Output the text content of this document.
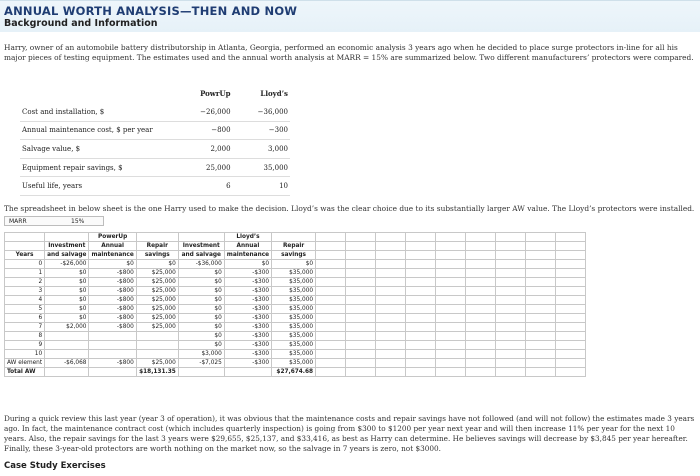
ANNUAL WORTH ANALYSIS—THEN AND NOW
Background and Information
Harry, owner of an automobile battery distributorship in Atlanta, Georgia, performed an economic analysis 3 years ago when he decided to place surge protectors in-line for all his major pieces of testing equipment. The estimates used and the annual worth analysis at MARR = 15% are summarized below. Two different manufacturers’ protectors were compared.
	PowrUp	Lloyd’s
Cost and installation, $	−26,000	−36,000
Annual maintenance cost, $ per year	−800	−300
Salvage value, $	2,000	3,000
Equipment repair savings, $	25,000	35,000
Useful life, years	6	10
The spreadsheet in below sheet is the one Harry used to make the decision. Lloyd’s was the clear choice due to its substantially larger AW value. The Lloyd’s protectors were installed.
MARR	15%
		PowerUp			Lloyd’s										
	Investment	Annual	Repair	Investment	Annual	Repair									
Years	and salvage	maintenance	savings	and salvage	maintenance	savings									
0	-$26,000	$0	$0	-$36,000	$0	$0									
1	$0	-$800	$25,000	$0	-$300	$35,000									
2	$0	-$800	$25,000	$0	-$300	$35,000									
3	$0	-$800	$25,000	$0	-$300	$35,000									
4	$0	-$800	$25,000	$0	-$300	$35,000									
5	$0	-$800	$25,000	$0	-$300	$35,000									
6	$0	-$800	$25,000	$0	-$300	$35,000									
7	$2,000	-$800	$25,000	$0	-$300	$35,000									
8				$0	-$300	$35,000									
9				$0	-$300	$35,000									
10				$3,000	-$300	$35,000									
AW element	-$6,068	-$800	$25,000	-$7,025	-$300	$35,000									
Total AW			$18,131.35			$27,674.68									
During a quick review this last year (year 3 of operation), it was obvious that the maintenance costs and repair savings have not followed (and will not follow) the estimates made 3 years ago. In fact, the maintenance contract cost (which includes quarterly inspection) is going from $300 to $1200 per year next year and will then increase 11% per year for the next 10 years. Also, the repair savings for the last 3 years were $29,655, $25,137, and $33,416, as best as Harry can determine. He believes savings will decrease by $3,845 per year hereafter. Finally, these 3-year-old protectors are worth nothing on the market now, so the salvage in 7 years is zero, not $3000.
Case Study Exercises
